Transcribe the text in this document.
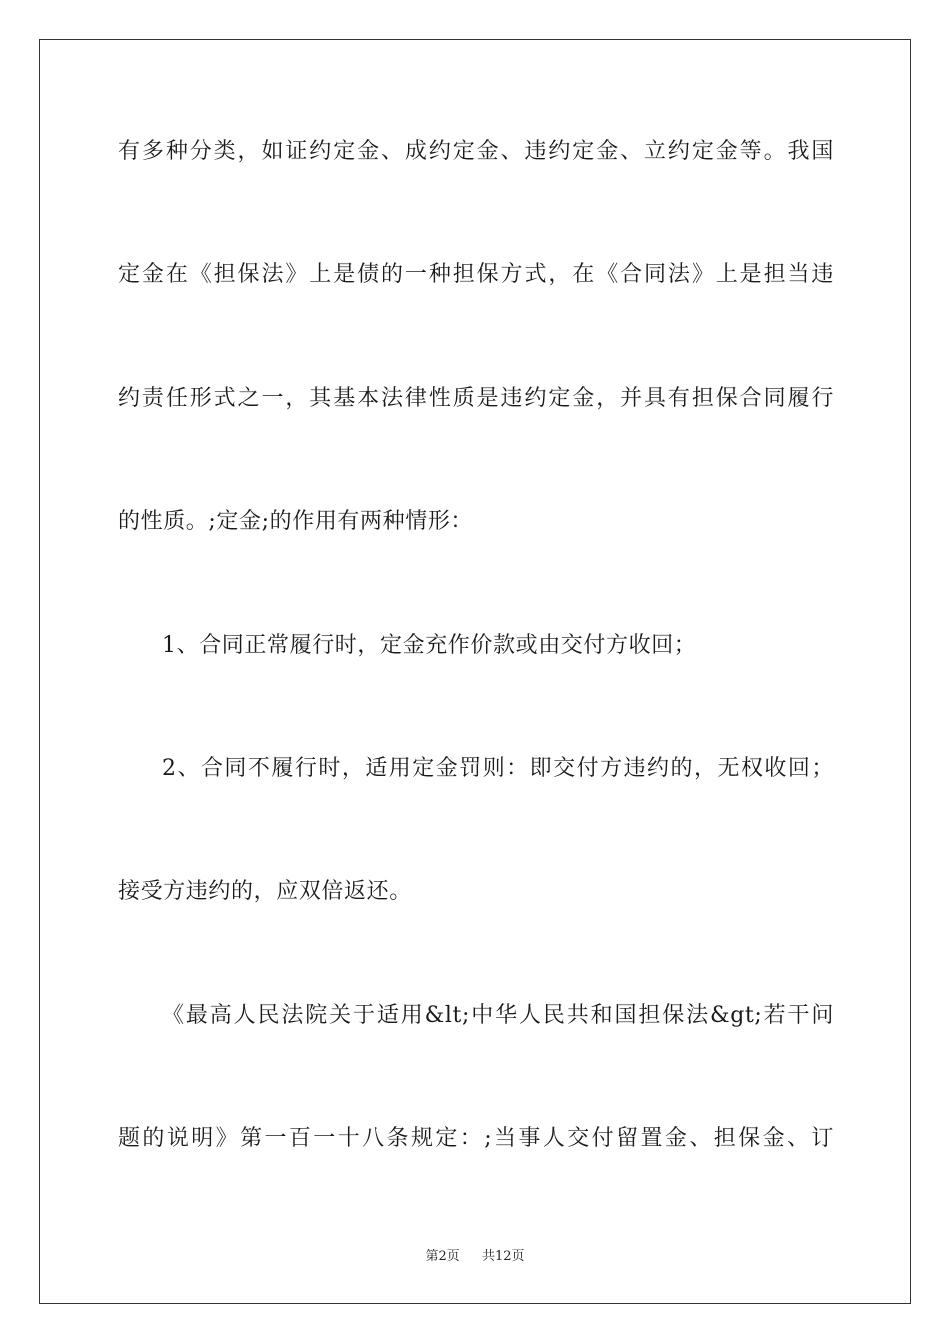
有多种分类，如证约定金、成约定金、违约定金、立约定金等。我国
定金在《担保法》上是债的一种担保方式，在《合同法》上是担当违
约责任形式之一，其基本法律性质是违约定金，并具有担保合同履行
的性质。;定金;的作用有两种情形：
1、合同正常履行时，定金充作价款或由交付方收回；
2、合同不履行时，适用定金罚则：即交付方违约的，无权收回；
接受方违约的，应双倍返还。
《最高人民法院关于适用&lt;中华人民共和国担保法&gt;若干问
题的说明》第一百一十八条规定：;当事人交付留置金、担保金、订
第2页 共12页
